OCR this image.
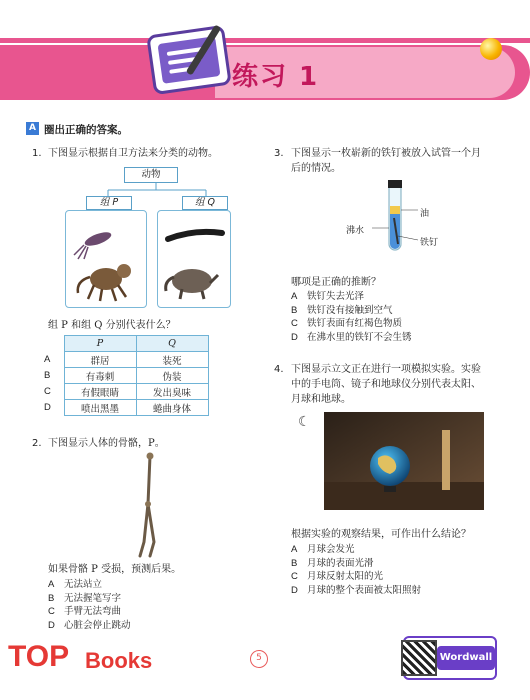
练习 1
A 圈出正确的答案。
1. 下图显示根据自卫方法来分类的动物。
动物
组 P	组 Q
组 P 和组 Q 分别代表什么？
	P	Q
A	群居	装死
B	有毒刺	伪装
C	有假眼睛	发出臭味
D	喷出黑墨	蜷曲身体
2. 下图显示人体的骨骼，P。
如果骨骼 P 受损，预测后果。
A 无法站立
B 无法握笔写字
C 手臂无法弯曲
D 心脏会停止跳动
3. 下图显示一枚崭新的铁钉被放入试管一个月
后的情况。
油
沸水
铁钉
哪项是正确的推断？
A 铁钉失去光泽
B 铁钉没有接触到空气
C 铁钉表面有红褐色物质
D 在沸水里的铁钉不会生锈
4. 下图显示立文正在进行一项模拟实验。实验
中的手电筒、镜子和地球仪分别代表太阳、
月球和地球。
☾
根据实验的观察结果，可作出什么结论？
A 月球会发光
B 月球的表面光滑
C 月球反射太阳的光
D 月球的整个表面被太阳照射
TOP Books	5	Wordwall
